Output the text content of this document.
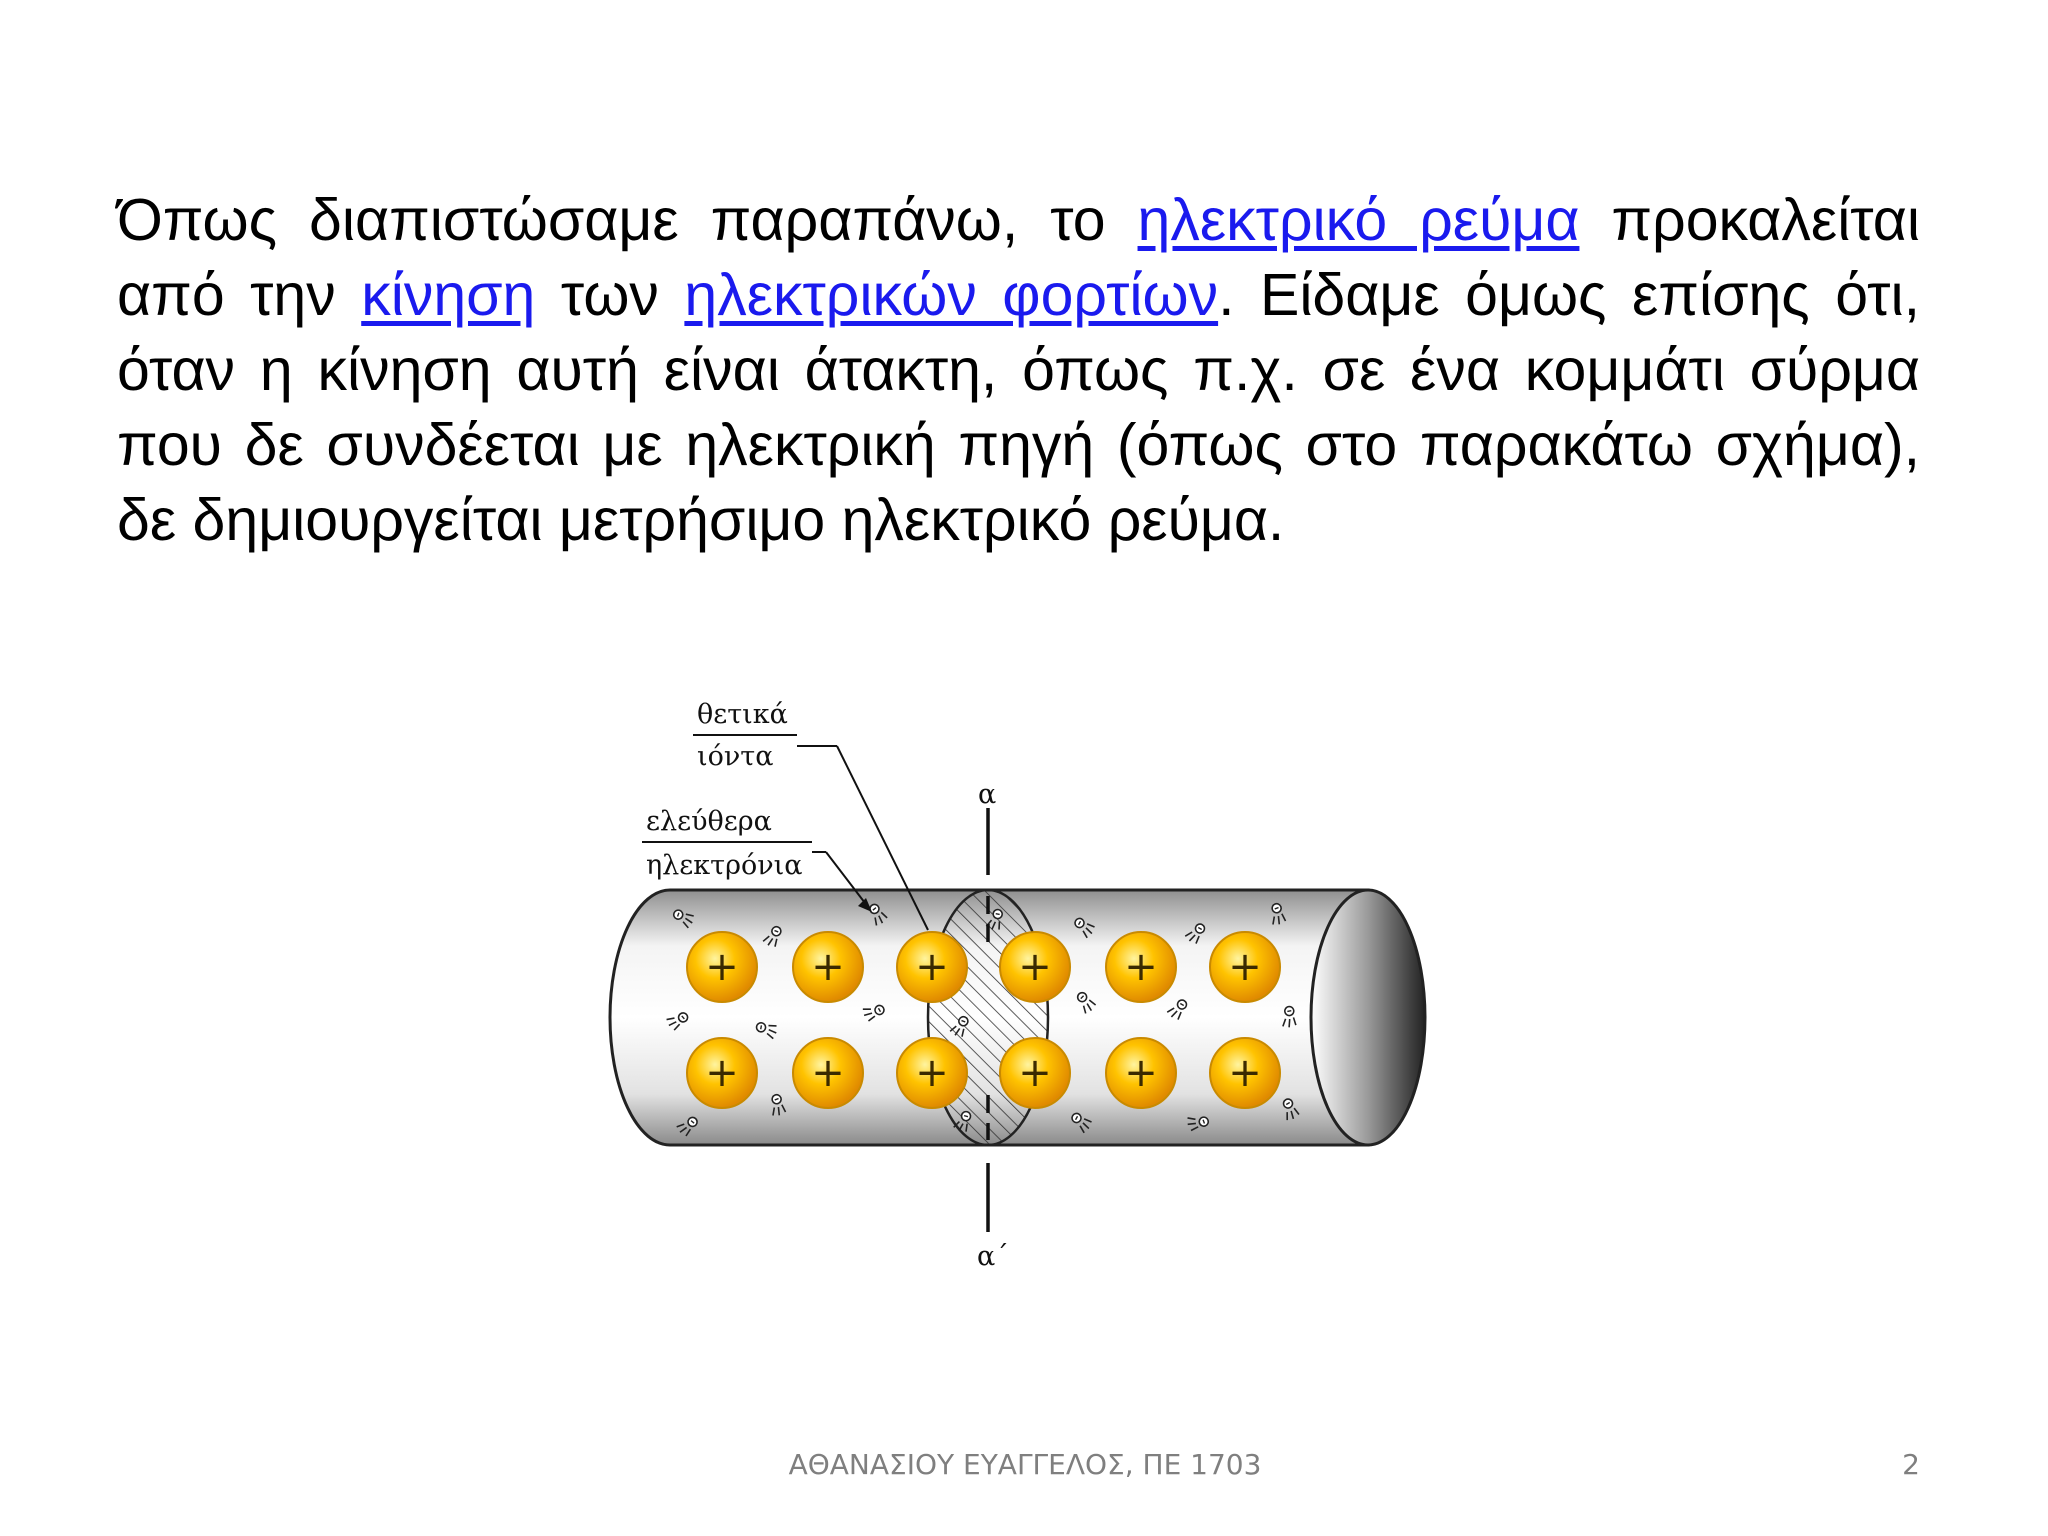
Όπως διαπιστώσαμε παραπάνω, το ηλεκτρικό ρεύμα προκαλείται από την κίνηση των ηλεκτρικών φορτίων. Είδαμε όμως επίσης ότι, όταν η κίνηση αυτή είναι άτακτη, όπως π.χ. σε ένα κομμάτι σύρμα που δε συνδέεται με ηλεκτρική πηγή (όπως στο παρακάτω σχήμα), δε δημιουργείται μετρήσιμο ηλεκτρικό ρεύμα.

+ + + + + +
+ + + + + +
α
α΄
θετικά
ιόντα
ελεύθερα
ηλεκτρόνια
ΑΘΑΝΑΣΙΟΥ ΕΥΑΓΓΕΛΟΣ, ΠΕ 1703	2
